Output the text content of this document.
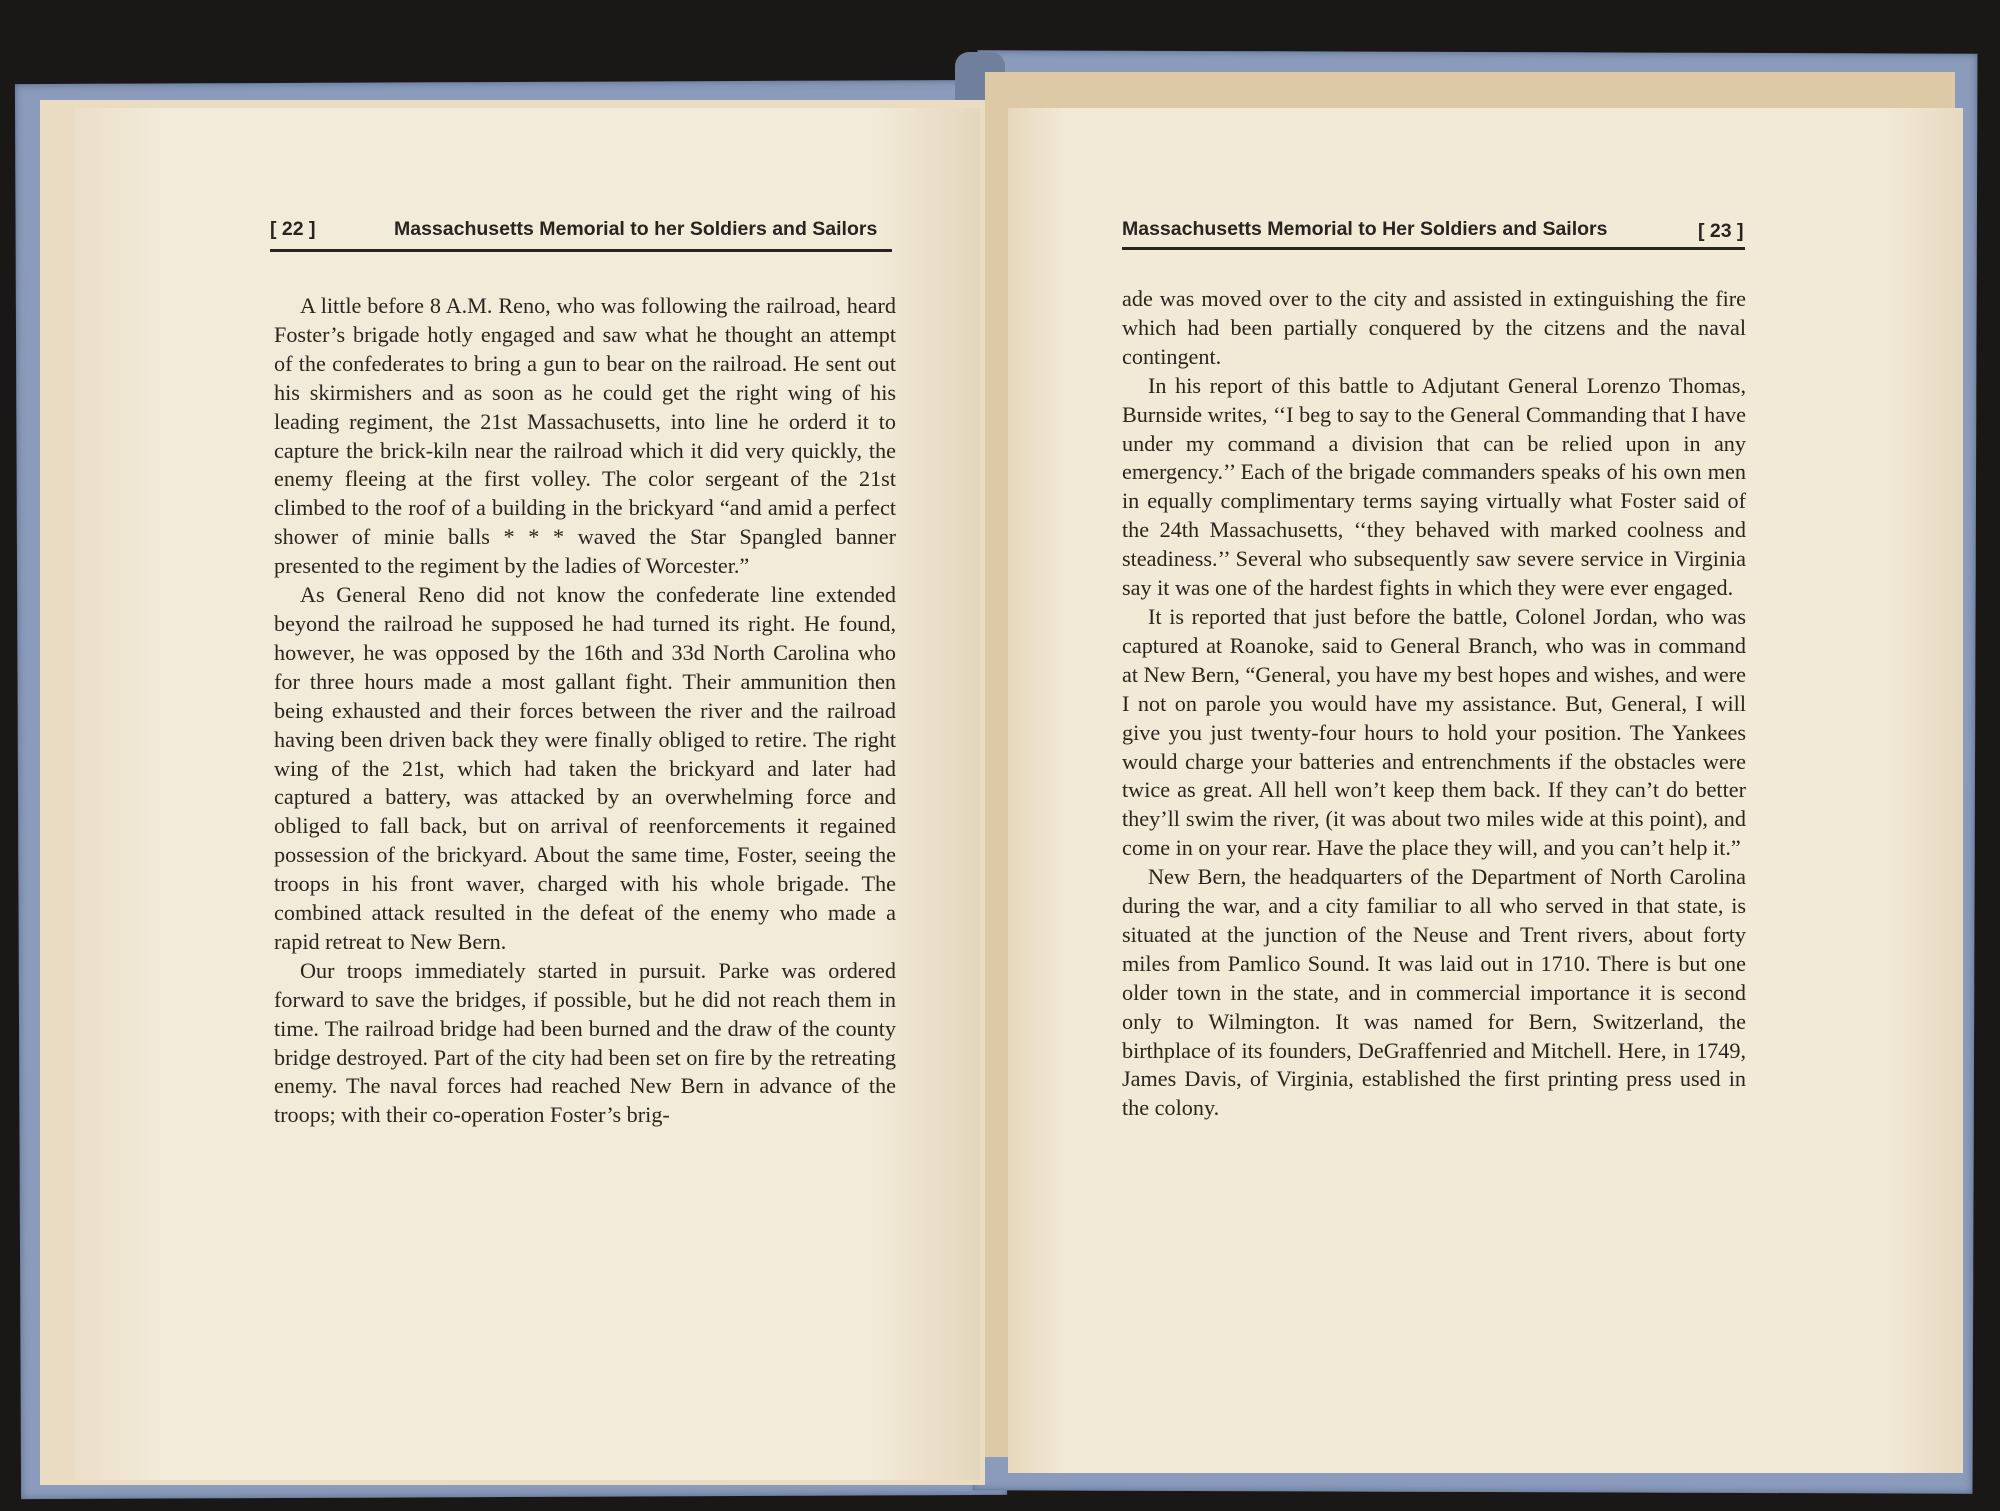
[ 22 ]	Massachusetts Memorial to her Soldiers and Sailors

A little before 8 A.M. Reno, who was following the railroad, heard Foster’s brigade hotly engaged and saw what he thought an attempt of the confederates to bring a gun to bear on the railroad. He sent out his skirmishers and as soon as he could get the right wing of his leading regiment, the 21st Massachusetts, into line he orderd it to capture the brick-kiln near the railroad which it did very quickly, the enemy fleeing at the first volley. The color sergeant of the 21st climbed to the roof of a building in the brickyard “and amid a perfect shower of minie balls * * * waved the Star Spangled banner presented to the regiment by the ladies of Worcester.”

As General Reno did not know the confederate line extended beyond the railroad he supposed he had turned its right. He found, however, he was opposed by the 16th and 33d North Carolina who for three hours made a most gallant fight. Their ammunition then being exhausted and their forces between the river and the railroad having been driven back they were finally obliged to retire. The right wing of the 21st, which had taken the brickyard and later had captured a battery, was attacked by an overwhelming force and obliged to fall back, but on arrival of reenforcements it regained possession of the brickyard. About the same time, Foster, seeing the troops in his front waver, charged with his whole brigade. The combined attack resulted in the defeat of the enemy who made a rapid retreat to New Bern.

Our troops immediately started in pursuit. Parke was ordered forward to save the bridges, if possible, but he did not reach them in time. The railroad bridge had been burned and the draw of the county bridge destroyed. Part of the city had been set on fire by the retreating enemy. The naval forces had reached New Bern in advance of the troops; with their co-operation Foster’s brig-

Massachusetts Memorial to Her Soldiers and Sailors	[ 23 ]

ade was moved over to the city and assisted in extinguishing the fire which had been partially conquered by the citzens and the naval contingent.

In his report of this battle to Adjutant General Lorenzo Thomas, Burnside writes, ‘‘I beg to say to the General Commanding that I have under my command a division that can be relied upon in any emergency.’’ Each of the brigade commanders speaks of his own men in equally complimentary terms saying virtually what Foster said of the 24th Massachusetts, ‘‘they behaved with marked coolness and steadiness.’’ Several who subsequently saw severe service in Virginia say it was one of the hardest fights in which they were ever engaged.

It is reported that just before the battle, Colonel Jordan, who was captured at Roanoke, said to General Branch, who was in command at New Bern, “General, you have my best hopes and wishes, and were I not on parole you would have my assistance. But, General, I will give you just twenty-four hours to hold your position. The Yankees would charge your batteries and entrenchments if the obstacles were twice as great. All hell won’t keep them back. If they can’t do better they’ll swim the river, (it was about two miles wide at this point), and come in on your rear. Have the place they will, and you can’t help it.”

New Bern, the headquarters of the Department of North Carolina during the war, and a city familiar to all who served in that state, is situated at the junction of the Neuse and Trent rivers, about forty miles from Pamlico Sound. It was laid out in 1710. There is but one older town in the state, and in commercial importance it is second only to Wilmington. It was named for Bern, Switzerland, the birthplace of its founders, DeGraffenried and Mitchell. Here, in 1749, James Davis, of Virginia, established the first printing press used in the colony.
